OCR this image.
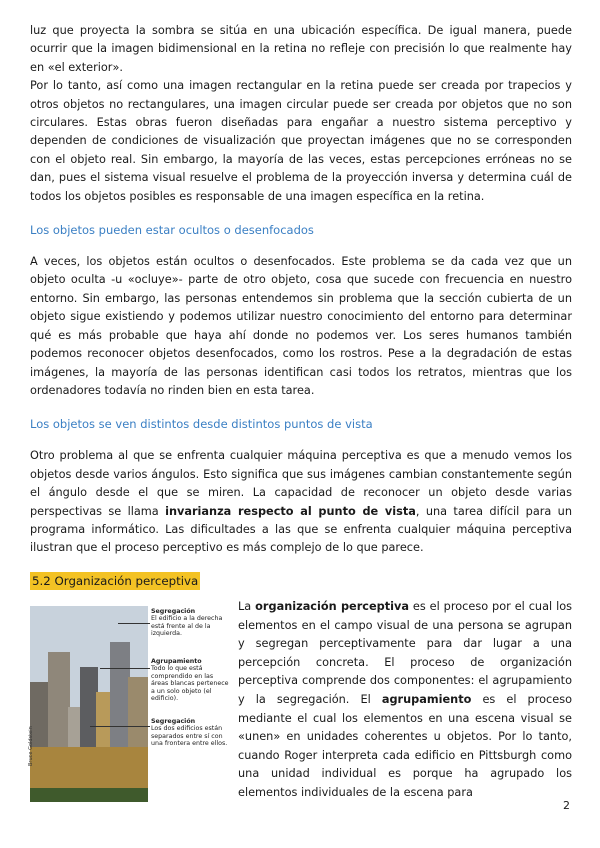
luz que proyecta la sombra se sitúa en una ubicación específica. De igual manera, puede ocurrir que la imagen bidimensional en la retina no refleje con precisión lo que realmente hay en «el exterior».

Por lo tanto, así como una imagen rectangular en la retina puede ser creada por trapecios y otros objetos no rectangulares, una imagen circular puede ser creada por objetos que no son circulares. Estas obras fueron diseñadas para engañar a nuestro sistema perceptivo y dependen de condiciones de visualización que proyectan imágenes que no se corresponden con el objeto real. Sin embargo, la mayoría de las veces, estas percepciones erróneas no se dan, pues el sistema visual resuelve el problema de la proyección inversa y determina cuál de todos los objetos posibles es responsable de una imagen específica en la retina.

Los objetos pueden estar ocultos o desenfocados

A veces, los objetos están ocultos o desenfocados. Este problema se da cada vez que un objeto oculta -u «ocluye»- parte de otro objeto, cosa que sucede con frecuencia en nuestro entorno. Sin embargo, las personas entendemos sin problema que la sección cubierta de un objeto sigue existiendo y podemos utilizar nuestro conocimiento del entorno para determinar qué es más probable que haya ahí donde no podemos ver. Los seres humanos también podemos reconocer objetos desenfocados, como los rostros. Pese a la degradación de estas imágenes, la mayoría de las personas identifican casi todos los retratos, mientras que los ordenadores todavía no rinden bien en esta tarea.

Los objetos se ven distintos desde distintos puntos de vista

Otro problema al que se enfrenta cualquier máquina perceptiva es que a menudo vemos los objetos desde varios ángulos. Esto significa que sus imágenes cambian constantemente según el ángulo desde el que se miren. La capacidad de reconocer un objeto desde varias perspectivas se llama invarianza respecto al punto de vista, una tarea difícil para un programa informático. Las dificultades a las que se enfrenta cualquier máquina perceptiva ilustran que el proceso perceptivo es más complejo de lo que parece.

5.2 Organización perceptiva
Bruce Goldstein
Segregación
El edificio a la derecha está frente al de la izquierda.
Agrupamiento
Todo lo que está comprendido en las áreas blancas pertenece a un solo objeto (el edificio).
Segregación
Los dos edificios están separados entre sí con una frontera entre ellos.

La organización perceptiva es el proceso por el cual los elementos en el campo visual de una persona se agrupan y segregan perceptivamente para dar lugar a una percepción concreta. El proceso de organización perceptiva comprende dos componentes: el agrupamiento y la segregación. El agrupamiento es el proceso mediante el cual los elementos en una escena visual se «unen» en unidades coherentes u objetos. Por lo tanto, cuando Roger interpreta cada edificio en Pittsburgh como una unidad individual es porque ha agrupado los elementos individuales de la escena para

2
